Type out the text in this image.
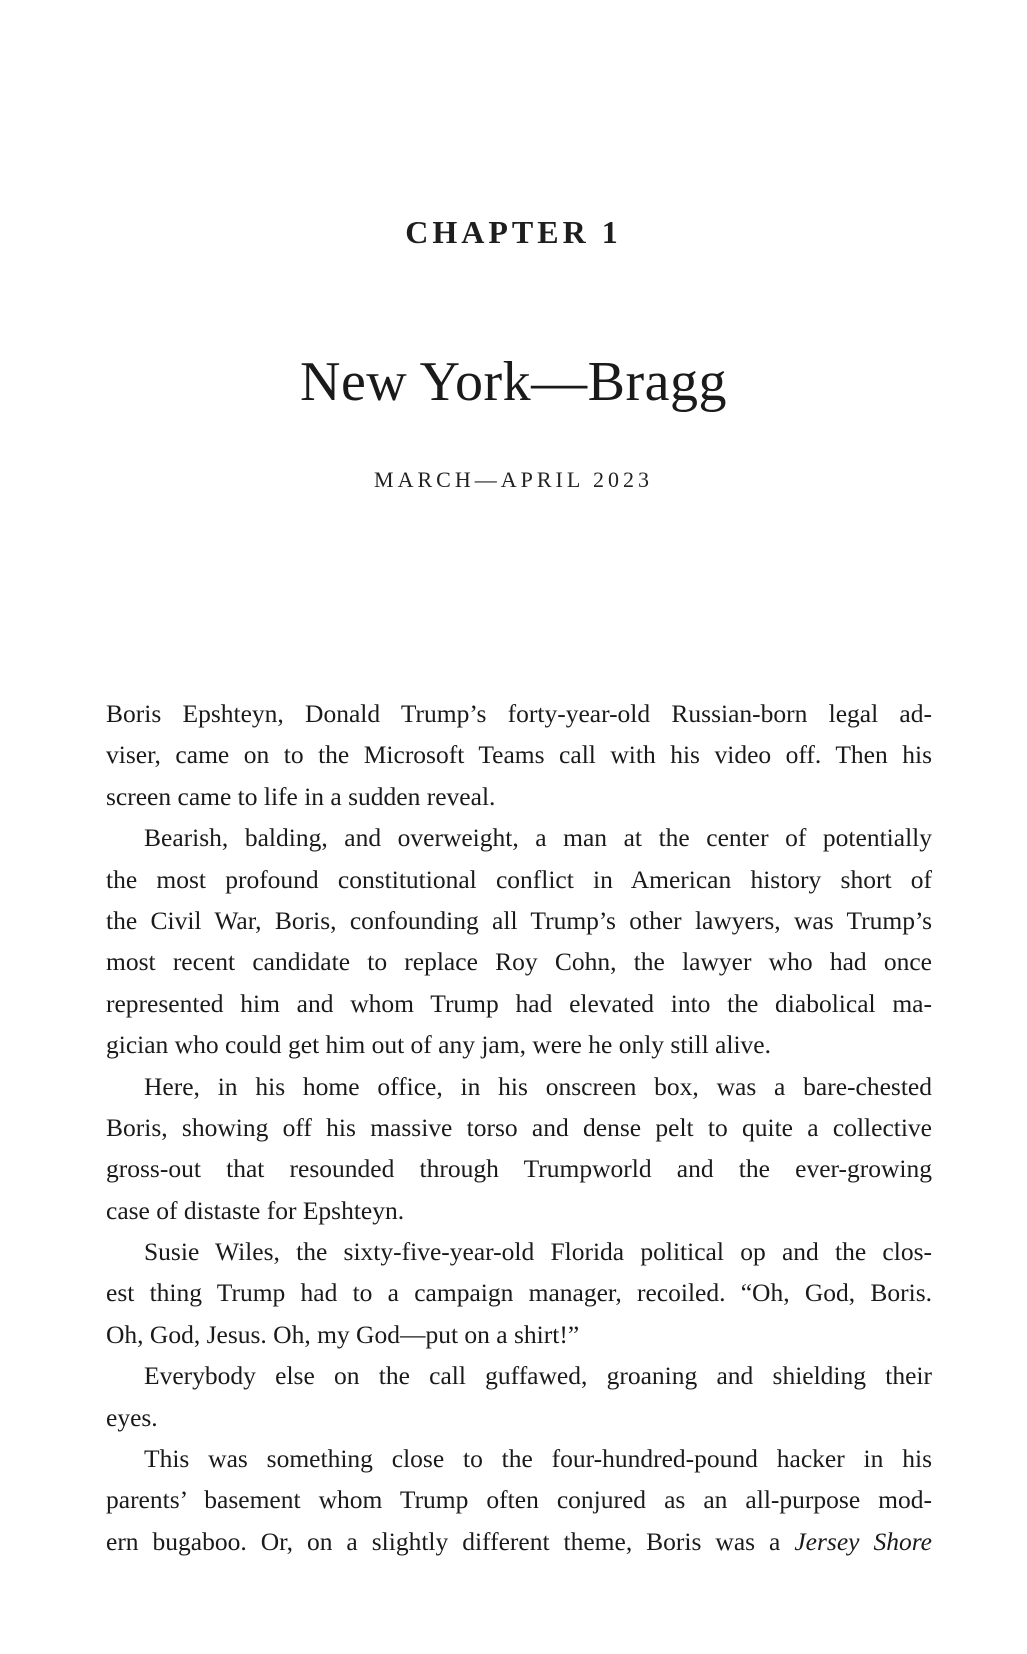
CHAPTER 1
New York—Bragg
MARCH—APRIL 2023
Boris Epshteyn, Donald Trump’s forty-year-old Russian-born legal ad-
viser, came on to the Microsoft Teams call with his video off. Then his
screen came to life in a sudden reveal.
Bearish, balding, and overweight, a man at the center of potentially
the most profound constitutional conflict in American history short of
the Civil War, Boris, confounding all Trump’s other lawyers, was Trump’s
most recent candidate to replace Roy Cohn, the lawyer who had once
represented him and whom Trump had elevated into the diabolical ma-
gician who could get him out of any jam, were he only still alive.
Here, in his home office, in his onscreen box, was a bare-chested
Boris, showing off his massive torso and dense pelt to quite a collective
gross-out that resounded through Trumpworld and the ever-growing
case of distaste for Epshteyn.
Susie Wiles, the sixty-five-year-old Florida political op and the clos-
est thing Trump had to a campaign manager, recoiled. “Oh, God, Boris.
Oh, God, Jesus. Oh, my God—put on a shirt!”
Everybody else on the call guffawed, groaning and shielding their
eyes.
This was something close to the four-hundred-pound hacker in his
parents’ basement whom Trump often conjured as an all-purpose mod-
ern bugaboo. Or, on a slightly different theme, Boris was a Jersey Shore
